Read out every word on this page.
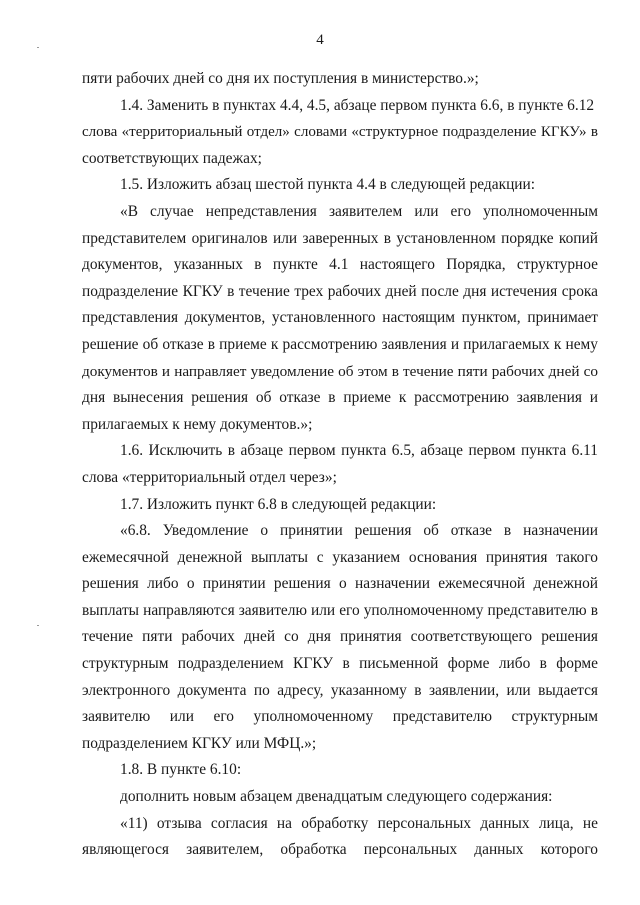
4
пяти рабочих дней со дня их поступления в министерство.»;
1.4. Заменить в пунктах 4.4, 4.5, абзаце первом пункта 6.6, в пункте 6.12
слова «территориальный отдел» словами «структурное подразделение КГКУ» в
соответствующих падежах;
1.5. Изложить абзац шестой пункта 4.4 в следующей редакции:
«В случае непредставления заявителем или его уполномоченным
представителем оригиналов или заверенных в установленном порядке копий
документов, указанных в пункте 4.1 настоящего Порядка, структурное
подразделение КГКУ в течение трех рабочих дней после дня истечения срока
представления документов, установленного настоящим пунктом, принимает
решение об отказе в приеме к рассмотрению заявления и прилагаемых к нему
документов и направляет уведомление об этом в течение пяти рабочих дней со
дня вынесения решения об отказе в приеме к рассмотрению заявления и
прилагаемых к нему документов.»;
1.6. Исключить в абзаце первом пункта 6.5, абзаце первом пункта 6.11
слова «территориальный отдел через»;
1.7. Изложить пункт 6.8 в следующей редакции:
«6.8. Уведомление о принятии решения об отказе в назначении
ежемесячной денежной выплаты с указанием основания принятия такого
решения либо о принятии решения о назначении ежемесячной денежной
выплаты направляются заявителю или его уполномоченному представителю в
течение пяти рабочих дней со дня принятия соответствующего решения
структурным подразделением КГКУ в письменной форме либо в форме
электронного документа по адресу, указанному в заявлении, или выдается
заявителю или его уполномоченному представителю структурным
подразделением КГКУ или МФЦ.»;
1.8. В пункте 6.10:
дополнить новым абзацем двенадцатым следующего содержания:
«11) отзыва согласия на обработку персональных данных лица, не
являющегося заявителем, обработка персональных данных которого
